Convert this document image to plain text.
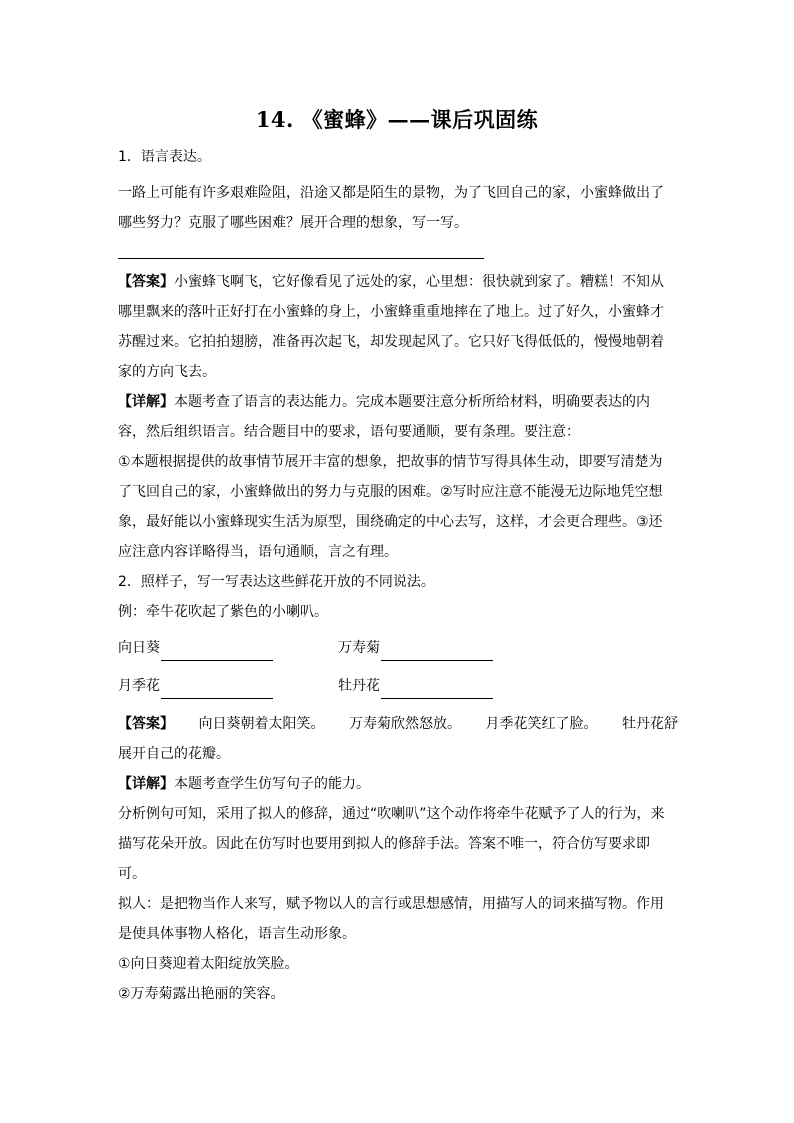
14. 《蜜蜂》——课后巩固练

1．语言表达。

一路上可能有许多艰难险阻，沿途又都是陌生的景物，为了飞回自己的家，小蜜蜂做出了

哪些努力？克服了哪些困难？展开合理的想象，写一写。

【答案】小蜜蜂飞啊飞，它好像看见了远处的家，心里想：很快就到家了。糟糕！不知从

哪里飘来的落叶正好打在小蜜蜂的身上，小蜜蜂重重地摔在了地上。过了好久，小蜜蜂才

苏醒过来。它拍拍翅膀，准备再次起飞，却发现起风了。它只好飞得低低的，慢慢地朝着

家的方向飞去。

【详解】本题考查了语言的表达能力。完成本题要注意分析所给材料，明确要表达的内

容，然后组织语言。结合题目中的要求，语句要通顺，要有条理。要注意：

①本题根据提供的故事情节展开丰富的想象，把故事的情节写得具体生动，即要写清楚为

了飞回自己的家，小蜜蜂做出的努力与克服的困难。②写时应注意不能漫无边际地凭空想

象，最好能以小蜜蜂现实生活为原型，围绕确定的中心去写，这样，才会更合理些。③还

应注意内容详略得当，语句通顺，言之有理。

2．照样子，写一写表达这些鲜花开放的不同说法。

例：牵牛花吹起了紫色的小喇叭。

向日葵	万寿菊
月季花	牡丹花
【答案】 向日葵朝着太阳笑。 万寿菊欣然怒放。 月季花笑红了脸。 牡丹花舒

展开自己的花瓣。

【详解】本题考查学生仿写句子的能力。

分析例句可知，采用了拟人的修辞，通过“吹喇叭”这个动作将牵牛花赋予了人的行为，来

描写花朵开放。因此在仿写时也要用到拟人的修辞手法。答案不唯一，符合仿写要求即

可。

拟人：是把物当作人来写，赋予物以人的言行或思想感情，用描写人的词来描写物。作用

是使具体事物人格化，语言生动形象。

①向日葵迎着太阳绽放笑脸。

②万寿菊露出艳丽的笑容。
